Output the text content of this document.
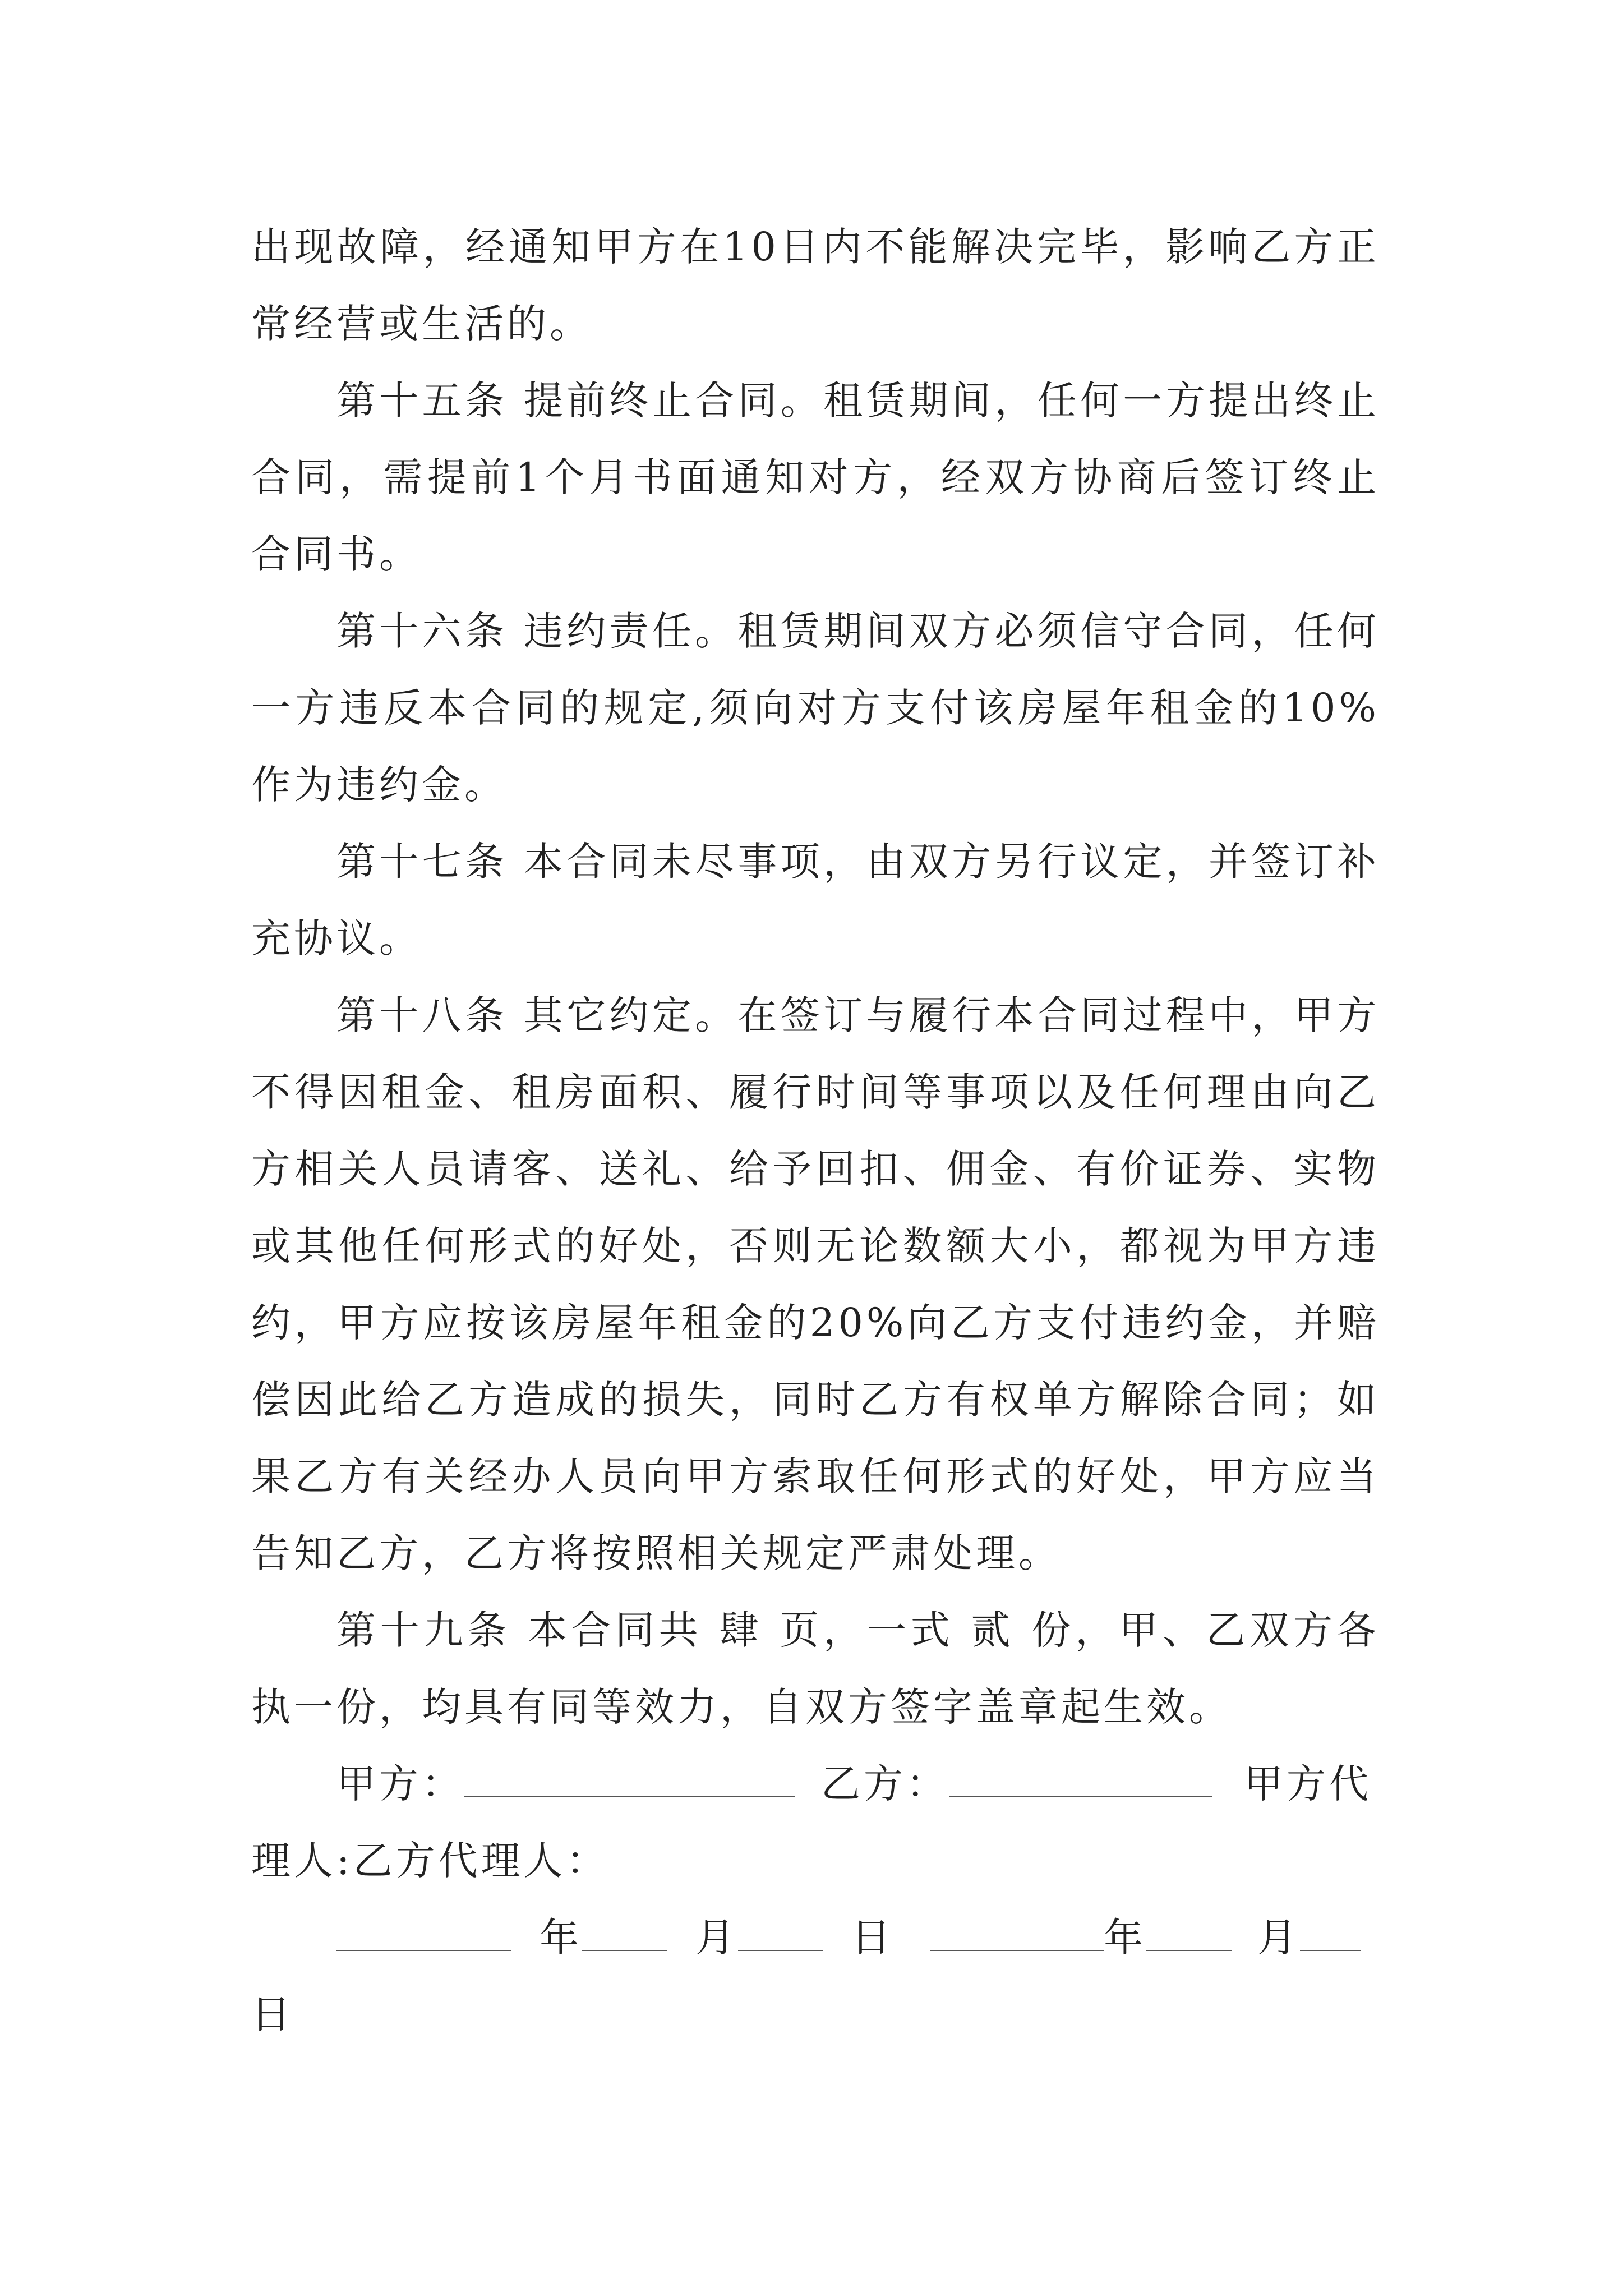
出现故障，经通知甲方在10日内不能解决完毕，影响乙方正常经营或生活的。

第十五条 提前终止合同。租赁期间，任何一方提出终止合同，需提前1个月书面通知对方，经双方协商后签订终止合同书。

第十六条 违约责任。租赁期间双方必须信守合同，任何一方违反本合同的规定,须向对方支付该房屋年租金的10%作为违约金。

第十七条 本合同未尽事项，由双方另行议定，并签订补充协议。

第十八条 其它约定。在签订与履行本合同过程中，甲方不得因租金、租房面积、履行时间等事项以及任何理由向乙方相关人员请客、送礼、给予回扣、佣金、有价证券、实物或其他任何形式的好处，否则无论数额大小，都视为甲方违约，甲方应按该房屋年租金的20%向乙方支付违约金，并赔偿因此给乙方造成的损失，同时乙方有权单方解除合同；如果乙方有关经办人员向甲方索取任何形式的好处，甲方应当告知乙方，乙方将按照相关规定严肃处理。

第十九条 本合同共 肆 页，一式 贰 份，甲、乙双方各执一份，均具有同等效力，自双方签字盖章起生效。

甲方：	乙方：	甲方代

理人:乙方代理人：

年	月	日	年	月

日
